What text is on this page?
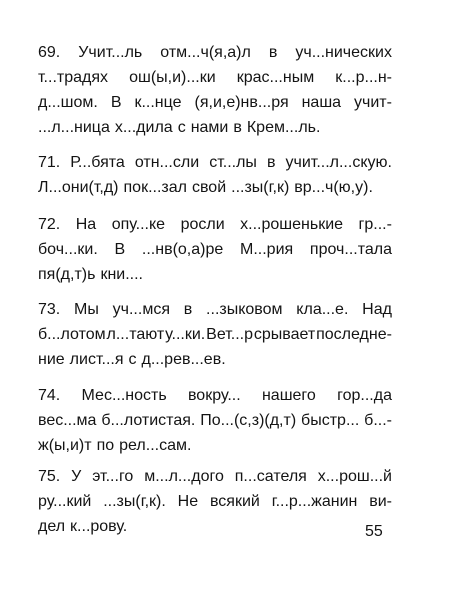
69. Учит...ль отм...ч(я,а)л в уч...нических
т...традях ош(ы,и)...ки крас...ным к...р...н-
д...шом. В к...нце (я,и,е)нв...ря наша учит-
...л...ница х...дила с нами в Крем...ль.
71. Р...бята отн...сли ст...лы в учит...л...скую.
Л...они(т,д) пок...зал свой ...зы(г,к) вр...ч(ю,у).
72. На опу...ке росли х...рошенькие гр...-
боч...ки. В ...нв(о,а)ре М...рия проч...тала
пя(д,т)ь кни....
73. Мы уч...мся в ...зыковом кла...е. Над
б...лотом л...тают у...ки. Вет...р срывает последне-
ние лист...я с д...рев...ев.
74. Мес...ность вокру... нашего гор...да
вес...ма б...лотистая. По...(с,з)(д,т) быстр... б...-
ж(ы,и)т по рел...сам.
75. У эт...го м...л...дого п...сателя х...рош...й
ру...кий ...зы(г,к). Не всякий г...р...жанин ви-
дел к...рову.	55
